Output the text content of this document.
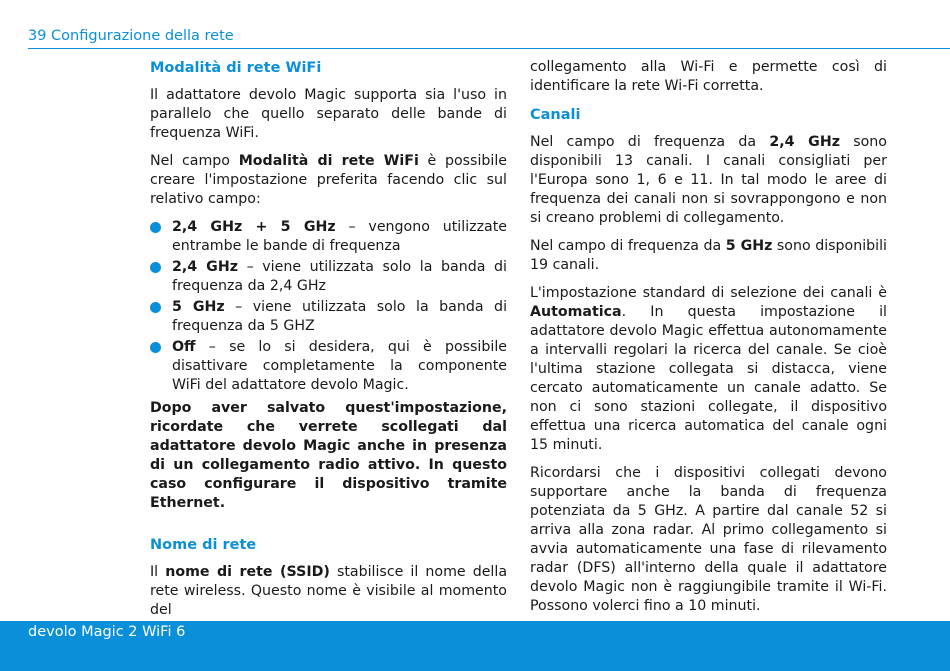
39 Configurazione della rete
Modalità di rete WiFi

Il adattatore devolo Magic supporta sia l'uso in parallelo che quello separato delle bande di frequenza WiFi.

Nel campo Modalità di rete WiFi è possibile creare l'impostazione preferita facendo clic sul relativo campo:

2,4 GHz + 5 GHz – vengono utilizzate entrambe le bande di frequenza
2,4 GHz – viene utilizzata solo la banda di frequenza da 2,4 GHz
5 GHz – viene utilizzata solo la banda di frequenza da 5 GHZ
Off – se lo si desidera, qui è possibile disattivare completamente la componente WiFi del adattatore devolo Magic.

Dopo aver salvato quest'impostazione, ricordate che verrete scollegati dal adattatore devolo Magic anche in presenza di un collegamento radio attivo. In questo caso configurare il dispositivo tramite Ethernet.

Nome di rete

Il nome di rete (SSID) stabilisce il nome della rete wireless. Questo nome è visibile al momento del

collegamento alla Wi-Fi e permette così di identificare la rete Wi-Fi corretta.

Canali

Nel campo di frequenza da 2,4 GHz sono disponibili 13 canali. I canali consigliati per l'Europa sono 1, 6 e 11. In tal modo le aree di frequenza dei canali non si sovrappongono e non si creano problemi di collegamento.

Nel campo di frequenza da 5 GHz sono disponibili 19 canali.

L'impostazione standard di selezione dei canali è Automatica. In questa impostazione il adattatore devolo Magic effettua autonomamente a intervalli regolari la ricerca del canale. Se cioè l'ultima stazione collegata si distacca, viene cercato automaticamente un canale adatto. Se non ci sono stazioni collegate, il dispositivo effettua una ricerca automatica del canale ogni 15 minuti.

Ricordarsi che i dispositivi collegati devono supportare anche la banda di frequenza potenziata da 5 GHz. A partire dal canale 52 si arriva alla zona radar. Al primo collegamento si avvia automaticamente una fase di rilevamento radar (DFS) all'interno della quale il adattatore devolo Magic non è raggiungibile tramite il Wi-Fi. Possono volerci fino a 10 minuti.

devolo Magic 2 WiFi 6
